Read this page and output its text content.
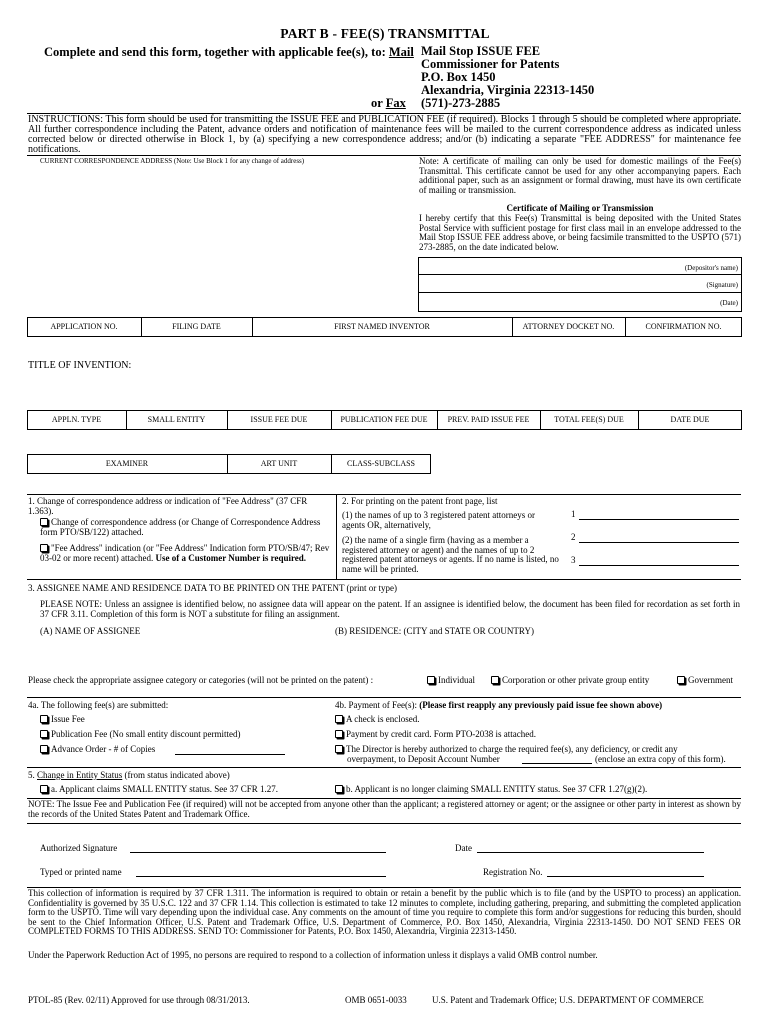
PART B - FEE(S) TRANSMITTAL
Complete and send this form, together with applicable fee(s), to: Mail Mail Stop ISSUE FEE
Commissioner for Patents
P.O. Box 1450
Alexandria, Virginia 22313-1450
or Fax (571)-273-2885
INSTRUCTIONS: This form should be used for transmitting the ISSUE FEE and PUBLICATION FEE (if required). Blocks 1 through 5 should be completed where appropriate. All further correspondence including the Patent, advance orders and notification of maintenance fees will be mailed to the current correspondence address as indicated unless corrected below or directed otherwise in Block 1, by (a) specifying a new correspondence address; and/or (b) indicating a separate "FEE ADDRESS" for maintenance fee notifications.
CURRENT CORRESPONDENCE ADDRESS (Note: Use Block 1 for any change of address)	Note: A certificate of mailing can only be used for domestic mailings of the Fee(s) Transmittal. This certificate cannot be used for any other accompanying papers. Each additional paper, such as an assignment or formal drawing, must have its own certificate of mailing or transmission.
Certificate of Mailing or Transmission
I hereby certify that this Fee(s) Transmittal is being deposited with the United States Postal Service with sufficient postage for first class mail in an envelope addressed to the Mail Stop ISSUE FEE address above, or being facsimile transmitted to the USPTO (571) 273-2885, on the date indicated below.
(Depositor's name)
(Signature)
(Date)
APPLICATION NO.	FILING DATE	FIRST NAMED INVENTOR	ATTORNEY DOCKET NO.	CONFIRMATION NO.
TITLE OF INVENTION:
APPLN. TYPE	SMALL ENTITY	ISSUE FEE DUE	PUBLICATION FEE DUE	PREV. PAID ISSUE FEE	TOTAL FEE(S) DUE	DATE DUE
EXAMINER	ART UNIT	CLASS-SUBCLASS
1. Change of correspondence address or indication of "Fee Address" (37 CFR 1.363).
Change of correspondence address (or Change of Correspondence Address form PTO/SB/122) attached.
"Fee Address" indication (or "Fee Address" Indication form PTO/SB/47; Rev 03-02 or more recent) attached. Use of a Customer Number is required.
2. For printing on the patent front page, list
(1) the names of up to 3 registered patent attorneys or agents OR, alternatively,
(2) the name of a single firm (having as a member a registered attorney or agent) and the names of up to 2 registered patent attorneys or agents. If no name is listed, no name will be printed.
1
2
3
3. ASSIGNEE NAME AND RESIDENCE DATA TO BE PRINTED ON THE PATENT (print or type)
PLEASE NOTE: Unless an assignee is identified below, no assignee data will appear on the patent. If an assignee is identified below, the document has been filed for recordation as set forth in 37 CFR 3.11. Completion of this form is NOT a substitute for filing an assignment.
(A) NAME OF ASSIGNEE	(B) RESIDENCE: (CITY and STATE OR COUNTRY)
Please check the appropriate assignee category or categories (will not be printed on the patent) :	Individual	Corporation or other private group entity	Government
4a. The following fee(s) are submitted:
Issue Fee
Publication Fee (No small entity discount permitted)
Advance Order - # of Copies
4b. Payment of Fee(s): (Please first reapply any previously paid issue fee shown above)
A check is enclosed.
Payment by credit card. Form PTO-2038 is attached.
The Director is hereby authorized to charge the required fee(s), any deficiency, or credit any
overpayment, to Deposit Account Number	(enclose an extra copy of this form).
5. Change in Entity Status (from status indicated above)
a. Applicant claims SMALL ENTITY status. See 37 CFR 1.27.	b. Applicant is no longer claiming SMALL ENTITY status. See 37 CFR 1.27(g)(2).
NOTE: The Issue Fee and Publication Fee (if required) will not be accepted from anyone other than the applicant; a registered attorney or agent; or the assignee or other party in interest as shown by the records of the United States Patent and Trademark Office.
Authorized Signature	Date
Typed or printed name	Registration No.
This collection of information is required by 37 CFR 1.311. The information is required to obtain or retain a benefit by the public which is to file (and by the USPTO to process) an application. Confidentiality is governed by 35 U.S.C. 122 and 37 CFR 1.14. This collection is estimated to take 12 minutes to complete, including gathering, preparing, and submitting the completed application form to the USPTO. Time will vary depending upon the individual case. Any comments on the amount of time you require to complete this form and/or suggestions for reducing this burden, should be sent to the Chief Information Officer, U.S. Patent and Trademark Office, U.S. Department of Commerce, P.O. Box 1450, Alexandria, Virginia 22313-1450. DO NOT SEND FEES OR COMPLETED FORMS TO THIS ADDRESS. SEND TO: Commissioner for Patents, P.O. Box 1450, Alexandria, Virginia 22313-1450.
Under the Paperwork Reduction Act of 1995, no persons are required to respond to a collection of information unless it displays a valid OMB control number.
PTOL-85 (Rev. 02/11) Approved for use through 08/31/2013.	OMB 0651-0033	U.S. Patent and Trademark Office; U.S. DEPARTMENT OF COMMERCE
